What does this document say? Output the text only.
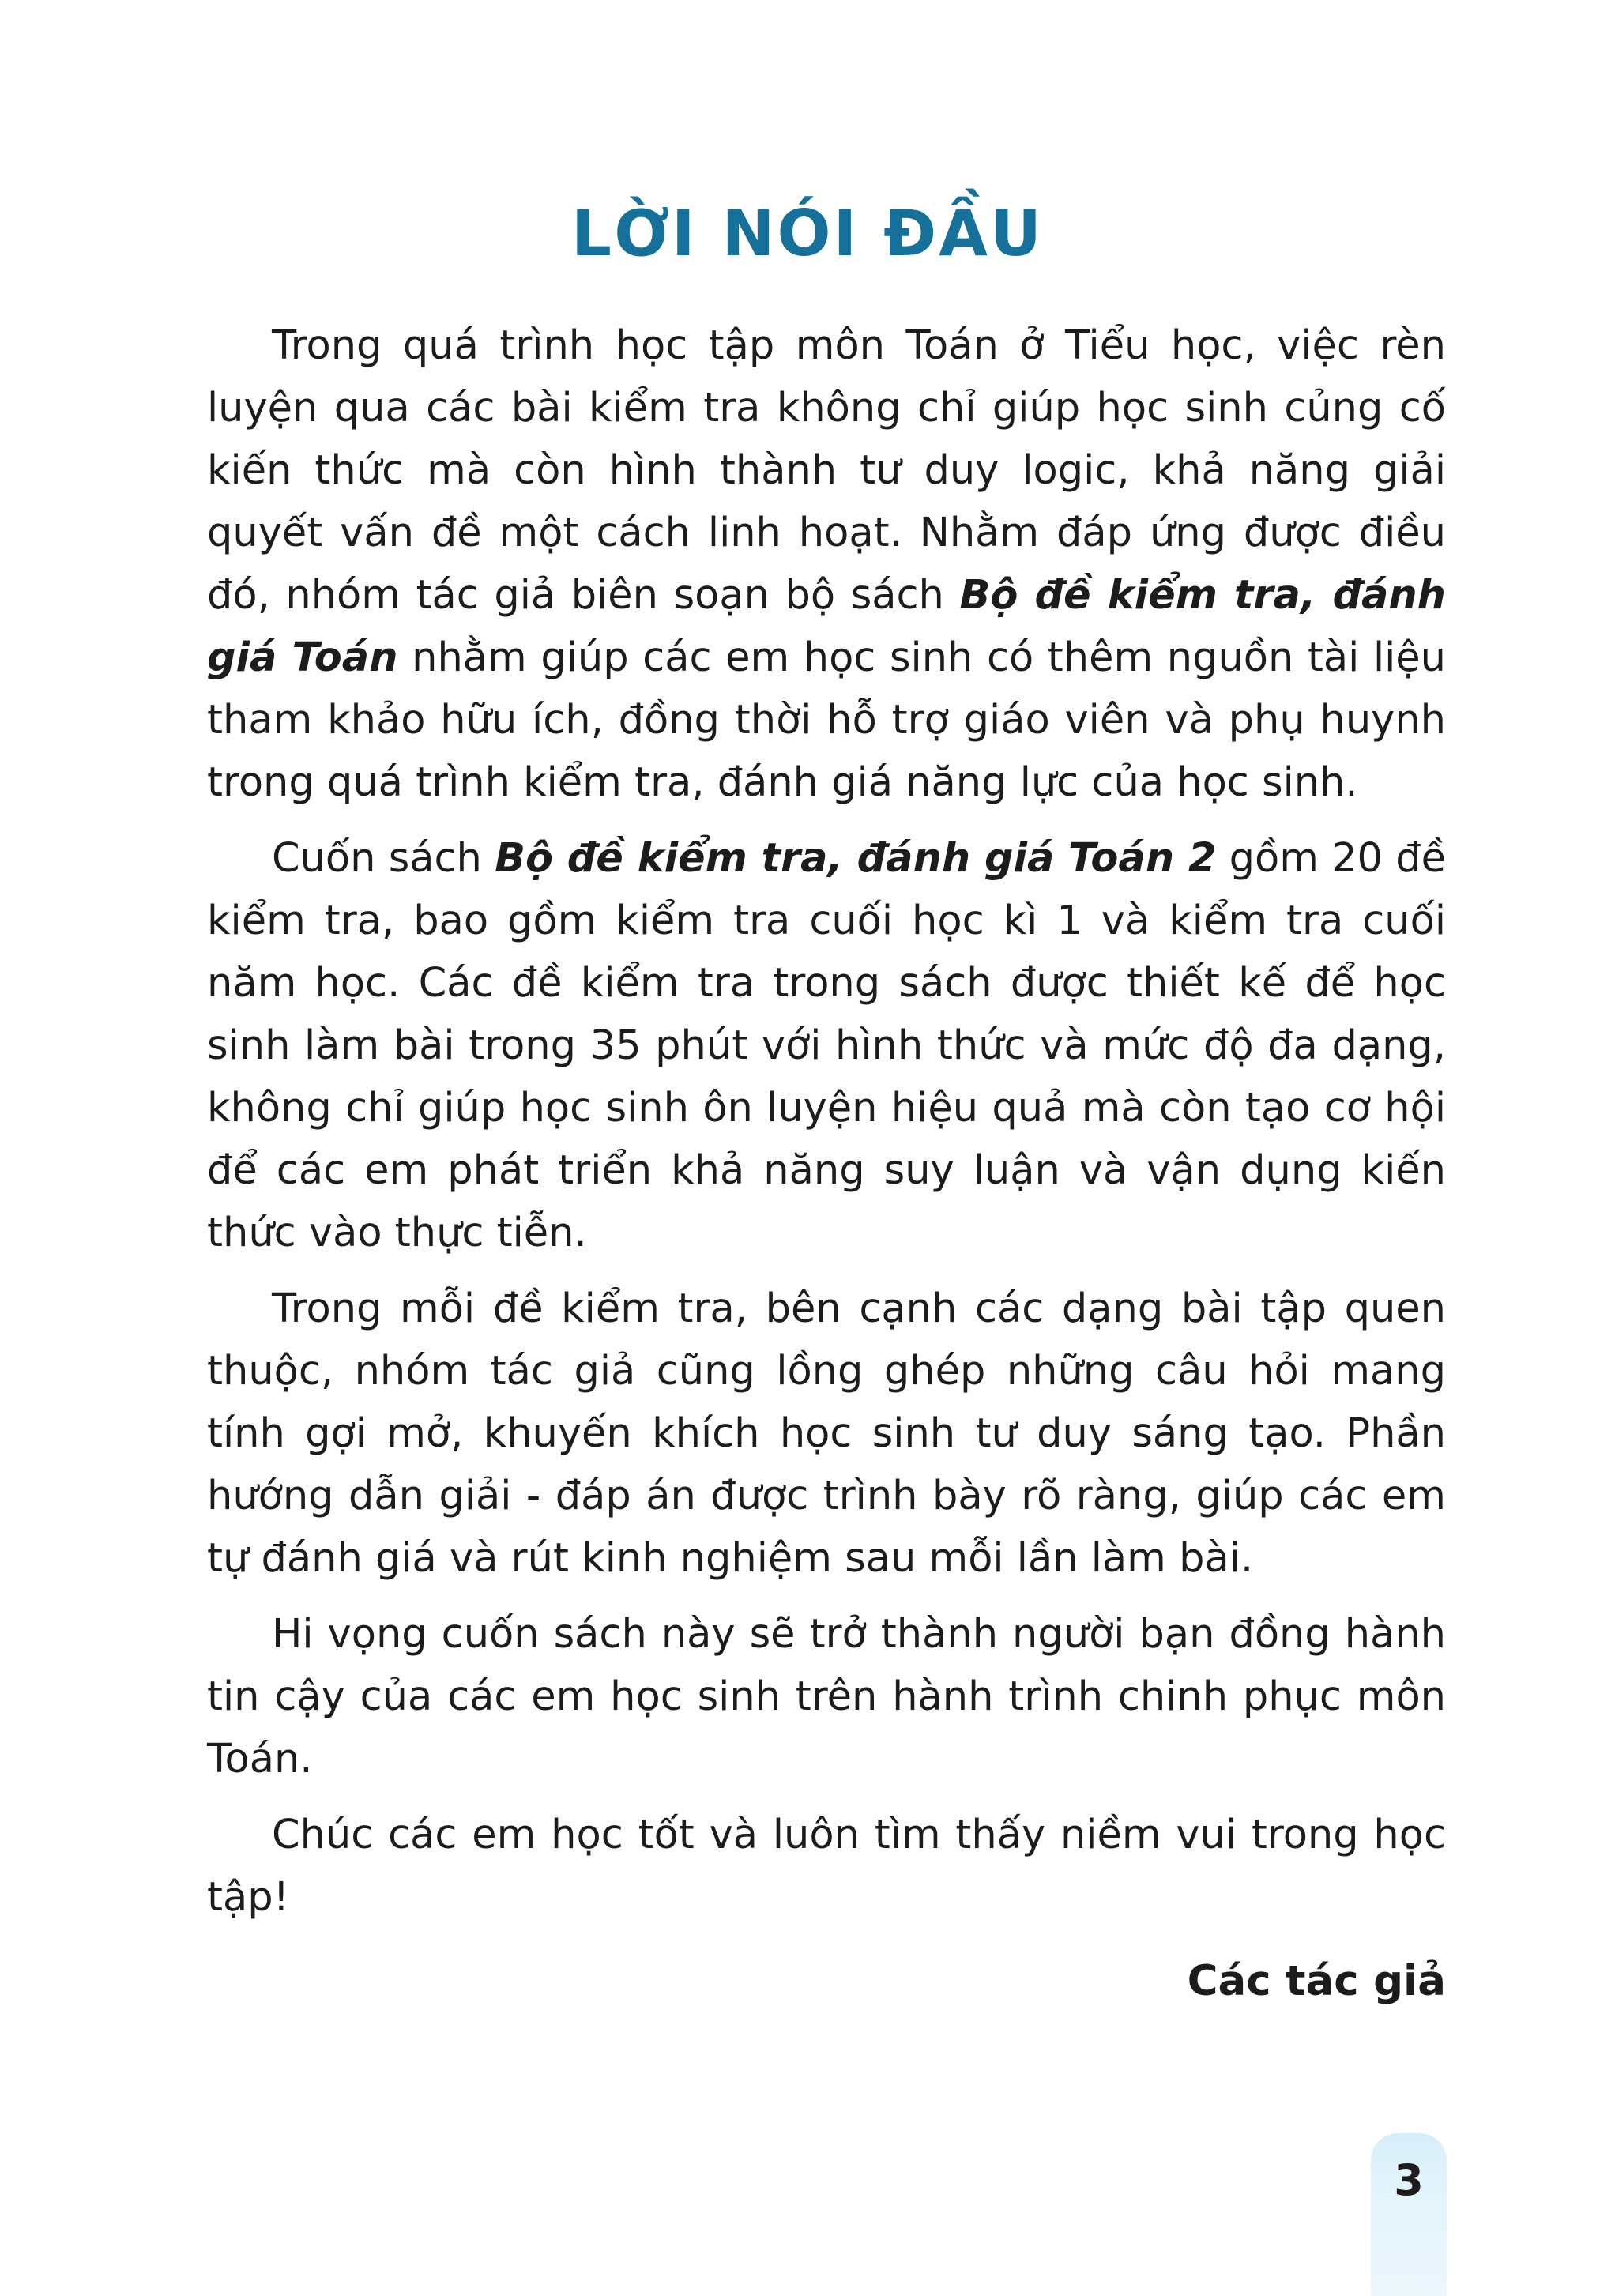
LỜI NÓI ĐẦU

Trong quá trình học tập môn Toán ở Tiểu học, việc rèn luyện qua các bài kiểm tra không chỉ giúp học sinh củng cố kiến thức mà còn hình thành tư duy logic, khả năng giải quyết vấn đề một cách linh hoạt. Nhằm đáp ứng được điều đó, nhóm tác giả biên soạn bộ sách Bộ đề kiểm tra, đánh giá Toán nhằm giúp các em học sinh có thêm nguồn tài liệu tham khảo hữu ích, đồng thời hỗ trợ giáo viên và phụ huynh trong quá trình kiểm tra, đánh giá năng lực của học sinh.

Cuốn sách Bộ đề kiểm tra, đánh giá Toán 2 gồm 20 đề kiểm tra, bao gồm kiểm tra cuối học kì 1 và kiểm tra cuối năm học. Các đề kiểm tra trong sách được thiết kế để học sinh làm bài trong 35 phút với hình thức và mức độ đa dạng, không chỉ giúp học sinh ôn luyện hiệu quả mà còn tạo cơ hội để các em phát triển khả năng suy luận và vận dụng kiến thức vào thực tiễn.

Trong mỗi đề kiểm tra, bên cạnh các dạng bài tập quen thuộc, nhóm tác giả cũng lồng ghép những câu hỏi mang tính gợi mở, khuyến khích học sinh tư duy sáng tạo. Phần hướng dẫn giải - đáp án được trình bày rõ ràng, giúp các em tự đánh giá và rút kinh nghiệm sau mỗi lần làm bài.

Hi vọng cuốn sách này sẽ trở thành người bạn đồng hành tin cậy của các em học sinh trên hành trình chinh phục môn Toán.

Chúc các em học tốt và luôn tìm thấy niềm vui trong học tập!

Các tác giả
3
